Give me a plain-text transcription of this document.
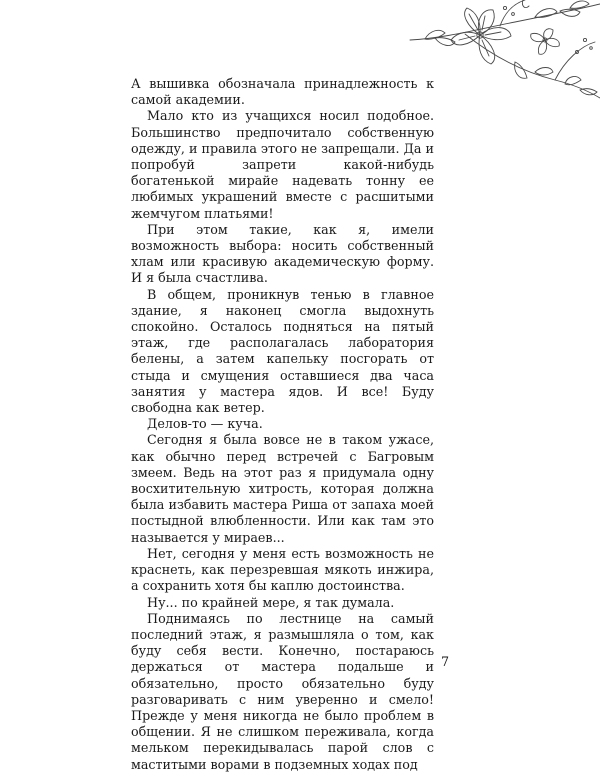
А вышивка обозначала принадлежность к самой академии.

Мало кто из учащихся носил подобное. Большинство предпочитало собственную одежду, и правила этого не запрещали. Да и попробуй запрети какой-нибудь богатенькой мирайе надевать тонну ее любимых украшений вместе с расшитыми жемчугом платьями!

При этом такие, как я, имели возможность выбора: носить собственный хлам или красивую академическую форму. И я была счастлива.

В общем, проникнув тенью в главное здание, я наконец смогла выдохнуть спокойно. Осталось подняться на пятый этаж, где располагалась лаборатория белены, а затем капельку посгорать от стыда и смущения оставшиеся два часа занятия у мастера ядов. И все! Буду свободна как ветер.

Делов-то — куча.

Сегодня я была вовсе не в таком ужасе, как обычно перед встречей с Багровым змеем. Ведь на этот раз я придумала одну восхитительную хитрость, которая должна была избавить мастера Риша от запаха моей постыдной влюбленности. Или как там это называется у мираев...

Нет, сегодня у меня есть возможность не краснеть, как перезревшая мякоть инжира, а сохранить хотя бы каплю достоинства.

Ну... по крайней мере, я так думала.

Поднимаясь по лестнице на самый последний этаж, я размышляла о том, как буду себя вести. Конечно, постараюсь держаться от мастера подальше и обязательно, просто обязательно буду разговаривать с ним уверенно и смело! Прежде у меня никогда не было проблем в общении. Я не слишком переживала, когда мельком перекидывалась парой слов с маститыми ворами в подземных ходах под

7
